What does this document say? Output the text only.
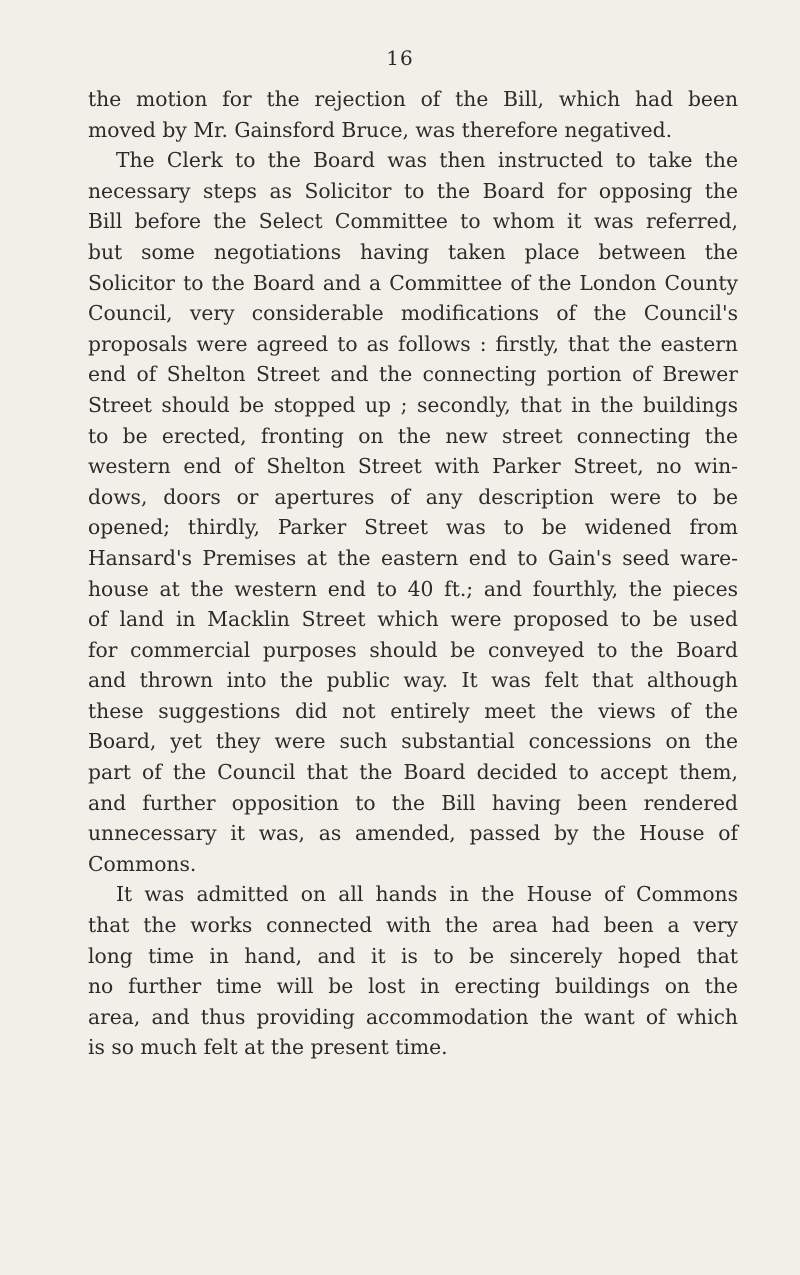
16
the motion for the rejection of the Bill, which had been
moved by Mr. Gainsford Bruce, was therefore negatived.
The Clerk to the Board was then instructed to take the
necessary steps as Solicitor to the Board for opposing the
Bill before the Select Committee to whom it was referred,
but some negotiations having taken place between the
Solicitor to the Board and a Committee of the London County
Council, very considerable modifications of the Council's
proposals were agreed to as follows : firstly, that the eastern
end of Shelton Street and the connecting portion of Brewer
Street should be stopped up ; secondly, that in the buildings
to be erected, fronting on the new street connecting the
western end of Shelton Street with Parker Street, no win-
dows, doors or apertures of any description were to be
opened; thirdly, Parker Street was to be widened from
Hansard's Premises at the eastern end to Gain's seed ware-
house at the western end to 40 ft.; and fourthly, the pieces
of land in Macklin Street which were proposed to be used
for commercial purposes should be conveyed to the Board
and thrown into the public way. It was felt that although
these suggestions did not entirely meet the views of the
Board, yet they were such substantial concessions on the
part of the Council that the Board decided to accept them,
and further opposition to the Bill having been rendered
unnecessary it was, as amended, passed by the House of
Commons.
It was admitted on all hands in the House of Commons
that the works connected with the area had been a very
long time in hand, and it is to be sincerely hoped that
no further time will be lost in erecting buildings on the
area, and thus providing accommodation the want of which
is so much felt at the present time.
